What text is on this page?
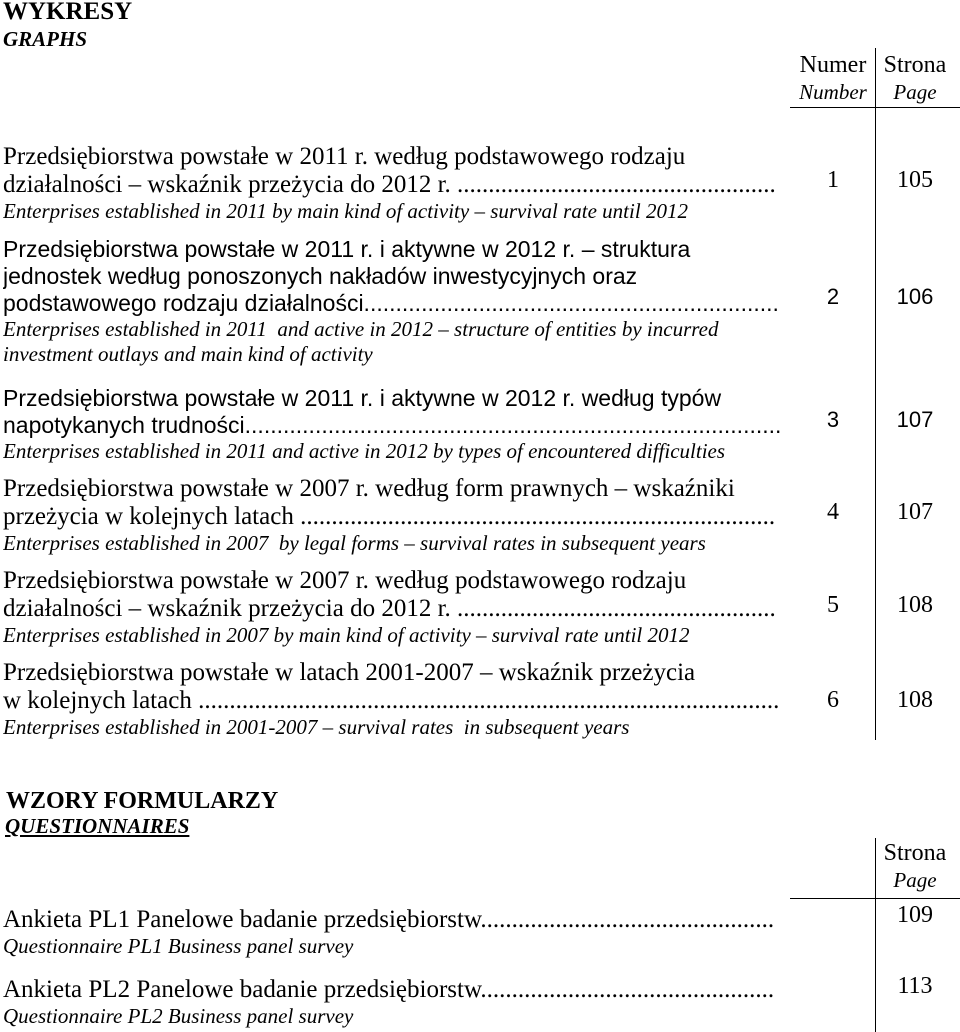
WYKRESY
GRAPHS
Numer
Number
Strona
Page
Przedsiębiorstwa powstałe w 2011 r. według podstawowego rodzaju
działalności – wskaźnik przeżycia do 2012 r. ...................................................
Enterprises established in 2011 by main kind of activity – survival rate until 2012
1	105
Przedsiębiorstwa powstałe w 2011 r. i aktywne w 2012 r. – struktura
jednostek według ponoszonych nakładów inwestycyjnych oraz
podstawowego rodzaju działalności.................................................................
Enterprises established in 2011  and active in 2012 – structure of entities by incurred
investment outlays and main kind of activity
2	106
Przedsiębiorstwa powstałe w 2011 r. i aktywne w 2012 r. według typów
napotykanych trudności....................................................................................
Enterprises established in 2011 and active in 2012 by types of encountered difficulties
3	107
Przedsiębiorstwa powstałe w 2007 r. według form prawnych – wskaźniki
przeżycia w kolejnych latach ............................................................................
Enterprises established in 2007  by legal forms – survival rates in subsequent years
4	107
Przedsiębiorstwa powstałe w 2007 r. według podstawowego rodzaju
działalności – wskaźnik przeżycia do 2012 r. ...................................................
Enterprises established in 2007 by main kind of activity – survival rate until 2012
5	108
Przedsiębiorstwa powstałe w latach 2001-2007 – wskaźnik przeżycia
w kolejnych latach .............................................................................................
Enterprises established in 2001-2007 – survival rates  in subsequent years
6	108
WZORY FORMULARZY
QUESTIONNAIRES
Strona
Page
Ankieta PL1 Panelowe badanie przedsiębiorstw...............................................
Questionnaire PL1 Business panel survey
109
Ankieta PL2 Panelowe badanie przedsiębiorstw...............................................
Questionnaire PL2 Business panel survey
113
